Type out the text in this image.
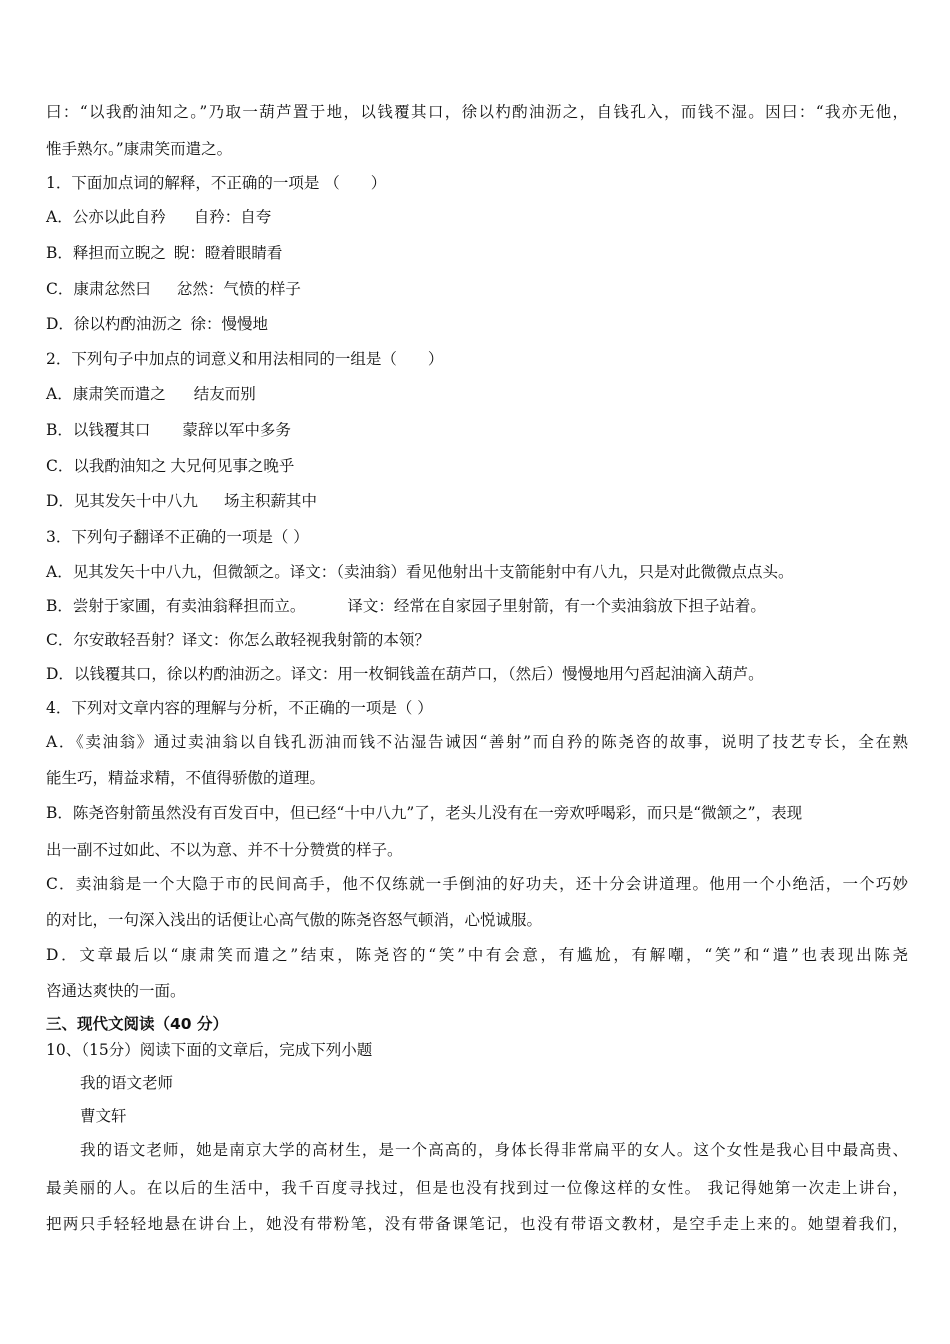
曰：“以我酌油知之。”乃取一葫芦置于地，以钱覆其口，徐以杓酌油沥之，自钱孔入，而钱不湿。因曰：“我亦无他，
惟手熟尔。”康肃笑而遣之。
1．下面加点词的解释，不正确的一项是 （　　）
A．公亦以此自矜 自矜：自夸
B．释担而立睨之 睨：瞪着眼睛看
C．康肃忿然曰 忿然：气愤的样子
D．徐以杓酌油沥之 徐：慢慢地
2．下列句子中加点的词意义和用法相同的一组是（　　）
A．康肃笑而遣之 结友而别
B．以钱覆其口 蒙辞以军中多务
C．以我酌油知之 大兄何见事之晚乎
D．见其发矢十中八九 场主积薪其中
3．下列句子翻译不正确的一项是（ ）
A．见其发矢十中八九，但微颔之。译文：（卖油翁）看见他射出十支箭能射中有八九，只是对此微微点点头。
B．尝射于家圃，有卖油翁释担而立。	译文：经常在自家园子里射箭，有一个卖油翁放下担子站着。
C．尔安敢轻吾射？译文：你怎么敢轻视我射箭的本领？
D．以钱覆其口，徐以杓酌油沥之。译文：用一枚铜钱盖在葫芦口，（然后）慢慢地用勺舀起油滴入葫芦。
4．下列对文章内容的理解与分析，不正确的一项是（ ）
A．《卖油翁》通过卖油翁以自钱孔沥油而钱不沾湿告诫因“善射”而自矜的陈尧咨的故事，说明了技艺专长，全在熟
能生巧，精益求精，不值得骄傲的道理。
B．陈尧咨射箭虽然没有百发百中，但已经“十中八九”了，老头儿没有在一旁欢呼喝彩，而只是“微颔之”，表现
出一副不过如此、不以为意、并不十分赞赏的样子。
C．卖油翁是一个大隐于市的民间高手，他不仅练就一手倒油的好功夫，还十分会讲道理。他用一个小绝活，一个巧妙
的对比，一句深入浅出的话便让心高气傲的陈尧咨怒气顿消，心悦诚服。
D．文章最后以“康肃笑而遣之”结束，陈尧咨的“笑”中有会意，有尴尬，有解嘲，“笑”和“遣”也表现出陈尧
咨通达爽快的一面。
三、现代文阅读（40 分）
10、（15分）阅读下面的文章后，完成下列小题
我的语文老师
曹文轩
我的语文老师，她是南京大学的高材生，是一个高高的，身体长得非常扁平的女人。这个女性是我心目中最高贵、
最美丽的人。在以后的生活中，我千百度寻找过，但是也没有找到过一位像这样的女性。 我记得她第一次走上讲台，
把两只手轻轻地悬在讲台上，她没有带粉笔，没有带备课笔记，也没有带语文教材，是空手走上来的。她望着我们，
